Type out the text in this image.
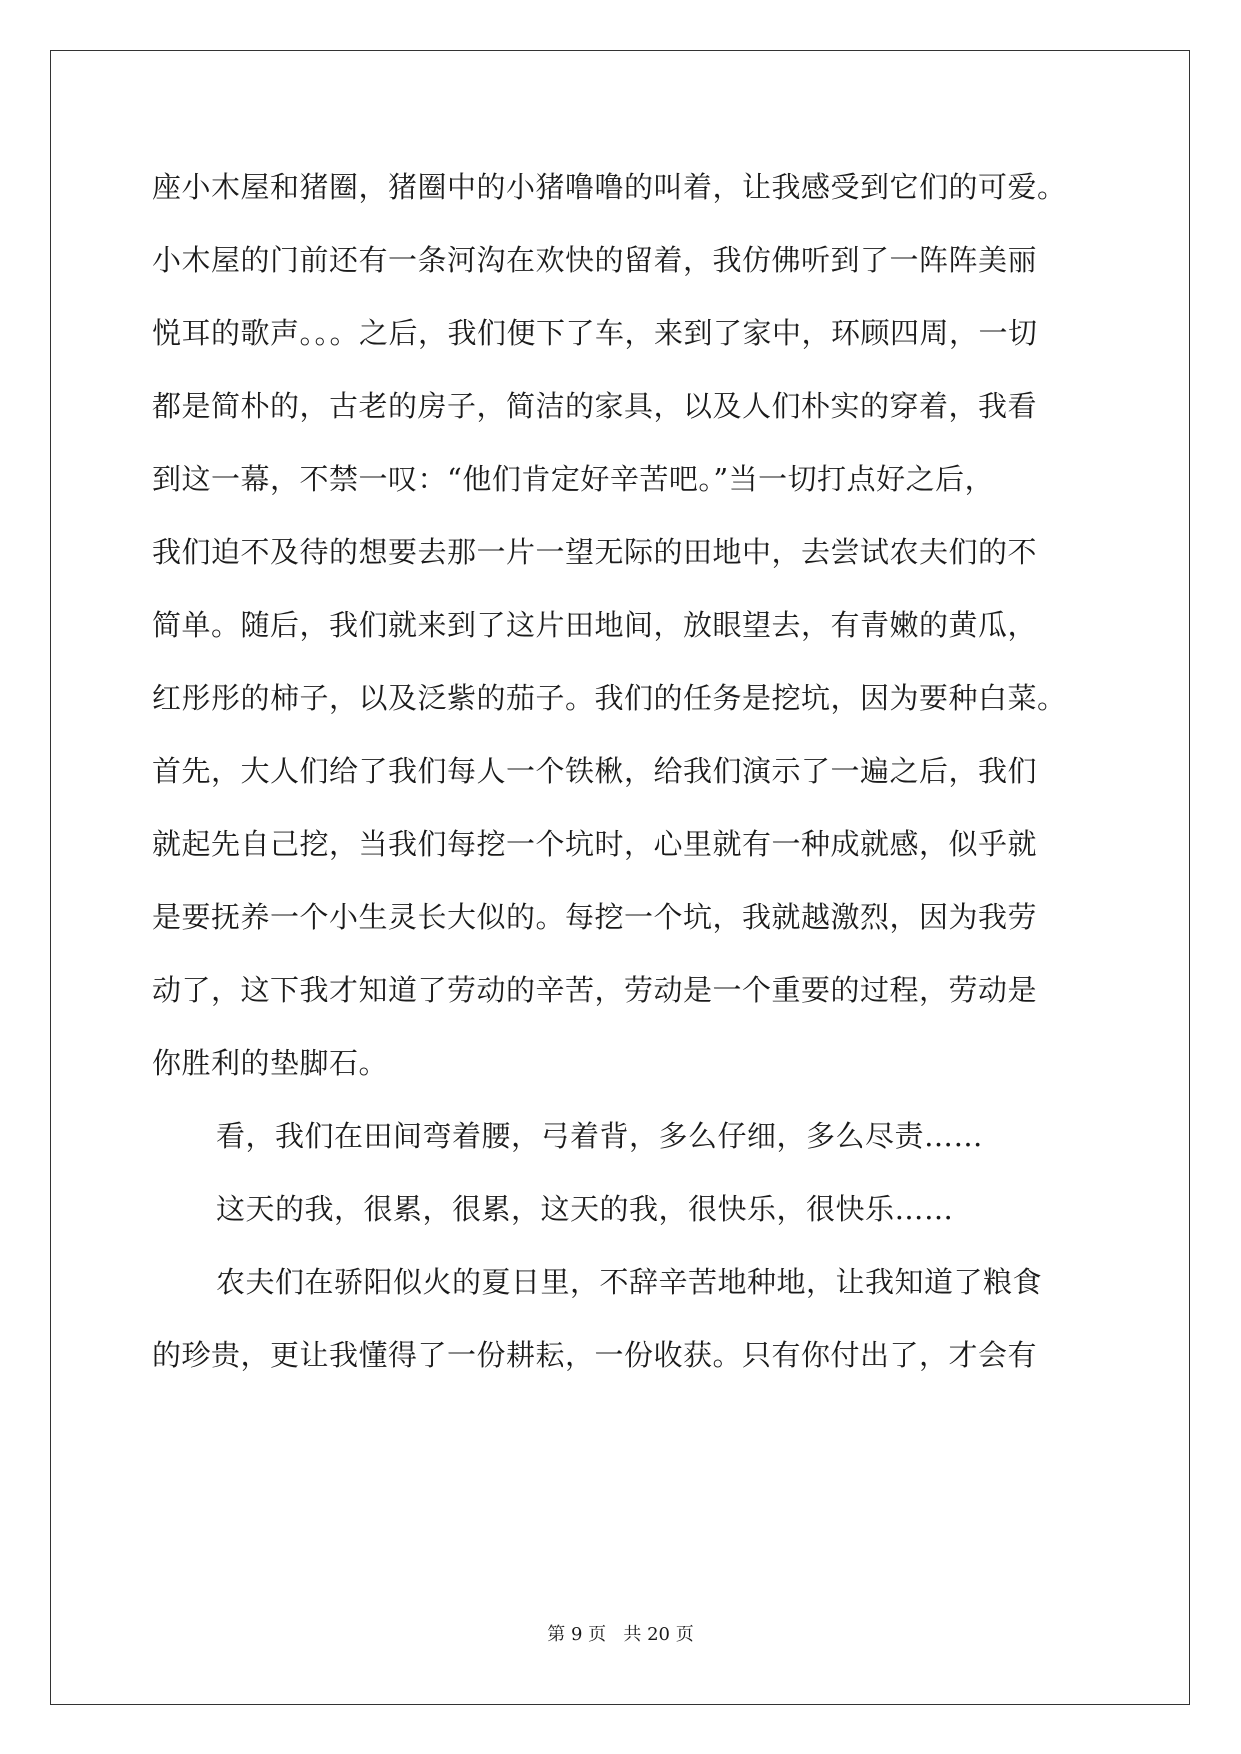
座小木屋和猪圈，猪圈中的小猪噜噜的叫着，让我感受到它们的可爱。
小木屋的门前还有一条河沟在欢快的留着，我仿佛听到了一阵阵美丽
悦耳的歌声。。。之后，我们便下了车，来到了家中，环顾四周，一切
都是简朴的，古老的房子，简洁的家具，以及人们朴实的穿着，我看
到这一幕，不禁一叹：“他们肯定好辛苦吧。”当一切打点好之后，
我们迫不及待的想要去那一片一望无际的田地中，去尝试农夫们的不
简单。随后，我们就来到了这片田地间，放眼望去，有青嫩的黄瓜，
红彤彤的柿子，以及泛紫的茄子。我们的任务是挖坑，因为要种白菜。
首先，大人们给了我们每人一个铁楸，给我们演示了一遍之后，我们
就起先自己挖，当我们每挖一个坑时，心里就有一种成就感，似乎就
是要抚养一个小生灵长大似的。每挖一个坑，我就越激烈，因为我劳
动了，这下我才知道了劳动的辛苦，劳动是一个重要的过程，劳动是
你胜利的垫脚石。
看，我们在田间弯着腰，弓着背，多么仔细，多么尽责……
这天的我，很累，很累，这天的我，很快乐，很快乐……
农夫们在骄阳似火的夏日里，不辞辛苦地种地，让我知道了粮食
的珍贵，更让我懂得了一份耕耘，一份收获。只有你付出了，才会有
第 9 页 共 20 页
